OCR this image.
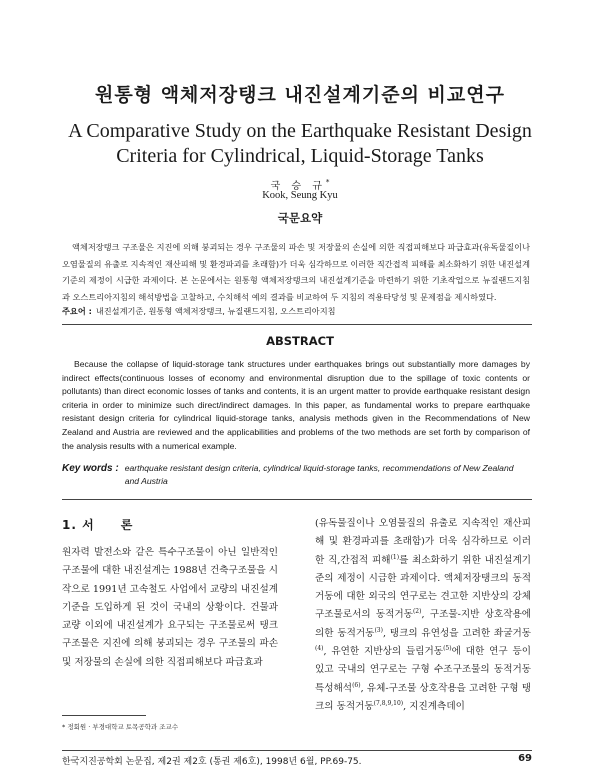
원통형 액체저장탱크 내진설계기준의 비교연구
A Comparative Study on the Earthquake Resistant Design
Criteria for Cylindrical, Liquid-Storage Tanks
국 승 규*
Kook, Seung Kyu
국문요약

액체저장탱크 구조물은 지진에 의해 붕괴되는 경우 구조물의 파손 및 저장물의 손실에 의한 직접피해보다 파급효과(유독물질이나 오염물질의 유출로 지속적인 재산피해 및 환경파괴를 초래함)가 더욱 심각하므로 이러한 직간접적 피해를 최소화하기 위한 내진설계기준의 제정이 시급한 과제이다. 본 논문에서는 원통형 액체저장탱크의 내진설계기준을 마련하기 위한 기초작업으로 뉴질랜드지침과 오스트리아지침의 해석방법을 고찰하고, 수치해석 예의 결과를 비교하여 두 지침의 적용타당성 및 문제점을 제시하였다.

주요어 : 내진설계기준, 원통형 액체저장탱크, 뉴질랜드지침, 오스트리아지침
ABSTRACT

Because the collapse of liquid-storage tank structures under earthquakes brings out substantially more damages by indirect effects(continuous losses of economy and environmental disruption due to the spillage of toxic contents or pollutants) than direct economic losses of tanks and contents, it is an urgent matter to provide earthquake resistant design criteria in order to minimize such direct/indirect damages. In this paper, as fundamental works to prepare earthquake resistant design criteria for cylindrical liquid-storage tanks, analysis methods given in the Recommendations of New Zealand and Austria are reviewed and the applicabilities and problems of the two methods are set forth by comparison of the analysis results with a numerical example.

Key words : earthquake resistant design criteria, cylindrical liquid-storage tanks, recommendations of New Zealand and Austria
1. 서 론

원자력 발전소와 같은 특수구조물이 아닌 일반적인 구조물에 대한 내진설계는 1988년 건축구조물을 시작으로 1991년 고속철도 사업에서 교량의 내진설계기준을 도입하게 된 것이 국내의 상황이다. 건물과 교량 이외에 내진설계가 요구되는 구조물로써 탱크구조물은 지진에 의해 붕괴되는 경우 구조물의 파손 및 저장물의 손실에 의한 직접피해보다 파급효과

(유독물질이나 오염물질의 유출로 지속적인 재산피해 및 환경파괴를 초래함)가 더욱 심각하므로 이러한 직,간접적 피해$^{(1)}$를 최소화하기 위한 내진설계기준의 제정이 시급한 과제이다. 액체저장탱크의 동적거동에 대한 외국의 연구로는 견고한 지반상의 강체구조물로서의 동적거동$^{(2)}$, 구조물-지반 상호작용에 의한 동적거동$^{(3)}$, 탱크의 유연성을 고려한 좌굴거동$^{(4)}$, 유연한 지반상의 들림거동$^{(5)}$에 대한 연구 등이 있고 국내의 연구로는 구형 수조구조물의 동적거동 특성해석$^{(6)}$, 유체-구조물 상호작용을 고려한 구형 탱크의 동적거동$^{(7,8,9,10)}$, 지진계측데이

* 정회원 · 부경대학교 토목공학과 조교수
한국지진공학회 논문집, 제2권 제2호 (통권 제6호), 1998년 6월, PP.69-75.	69
